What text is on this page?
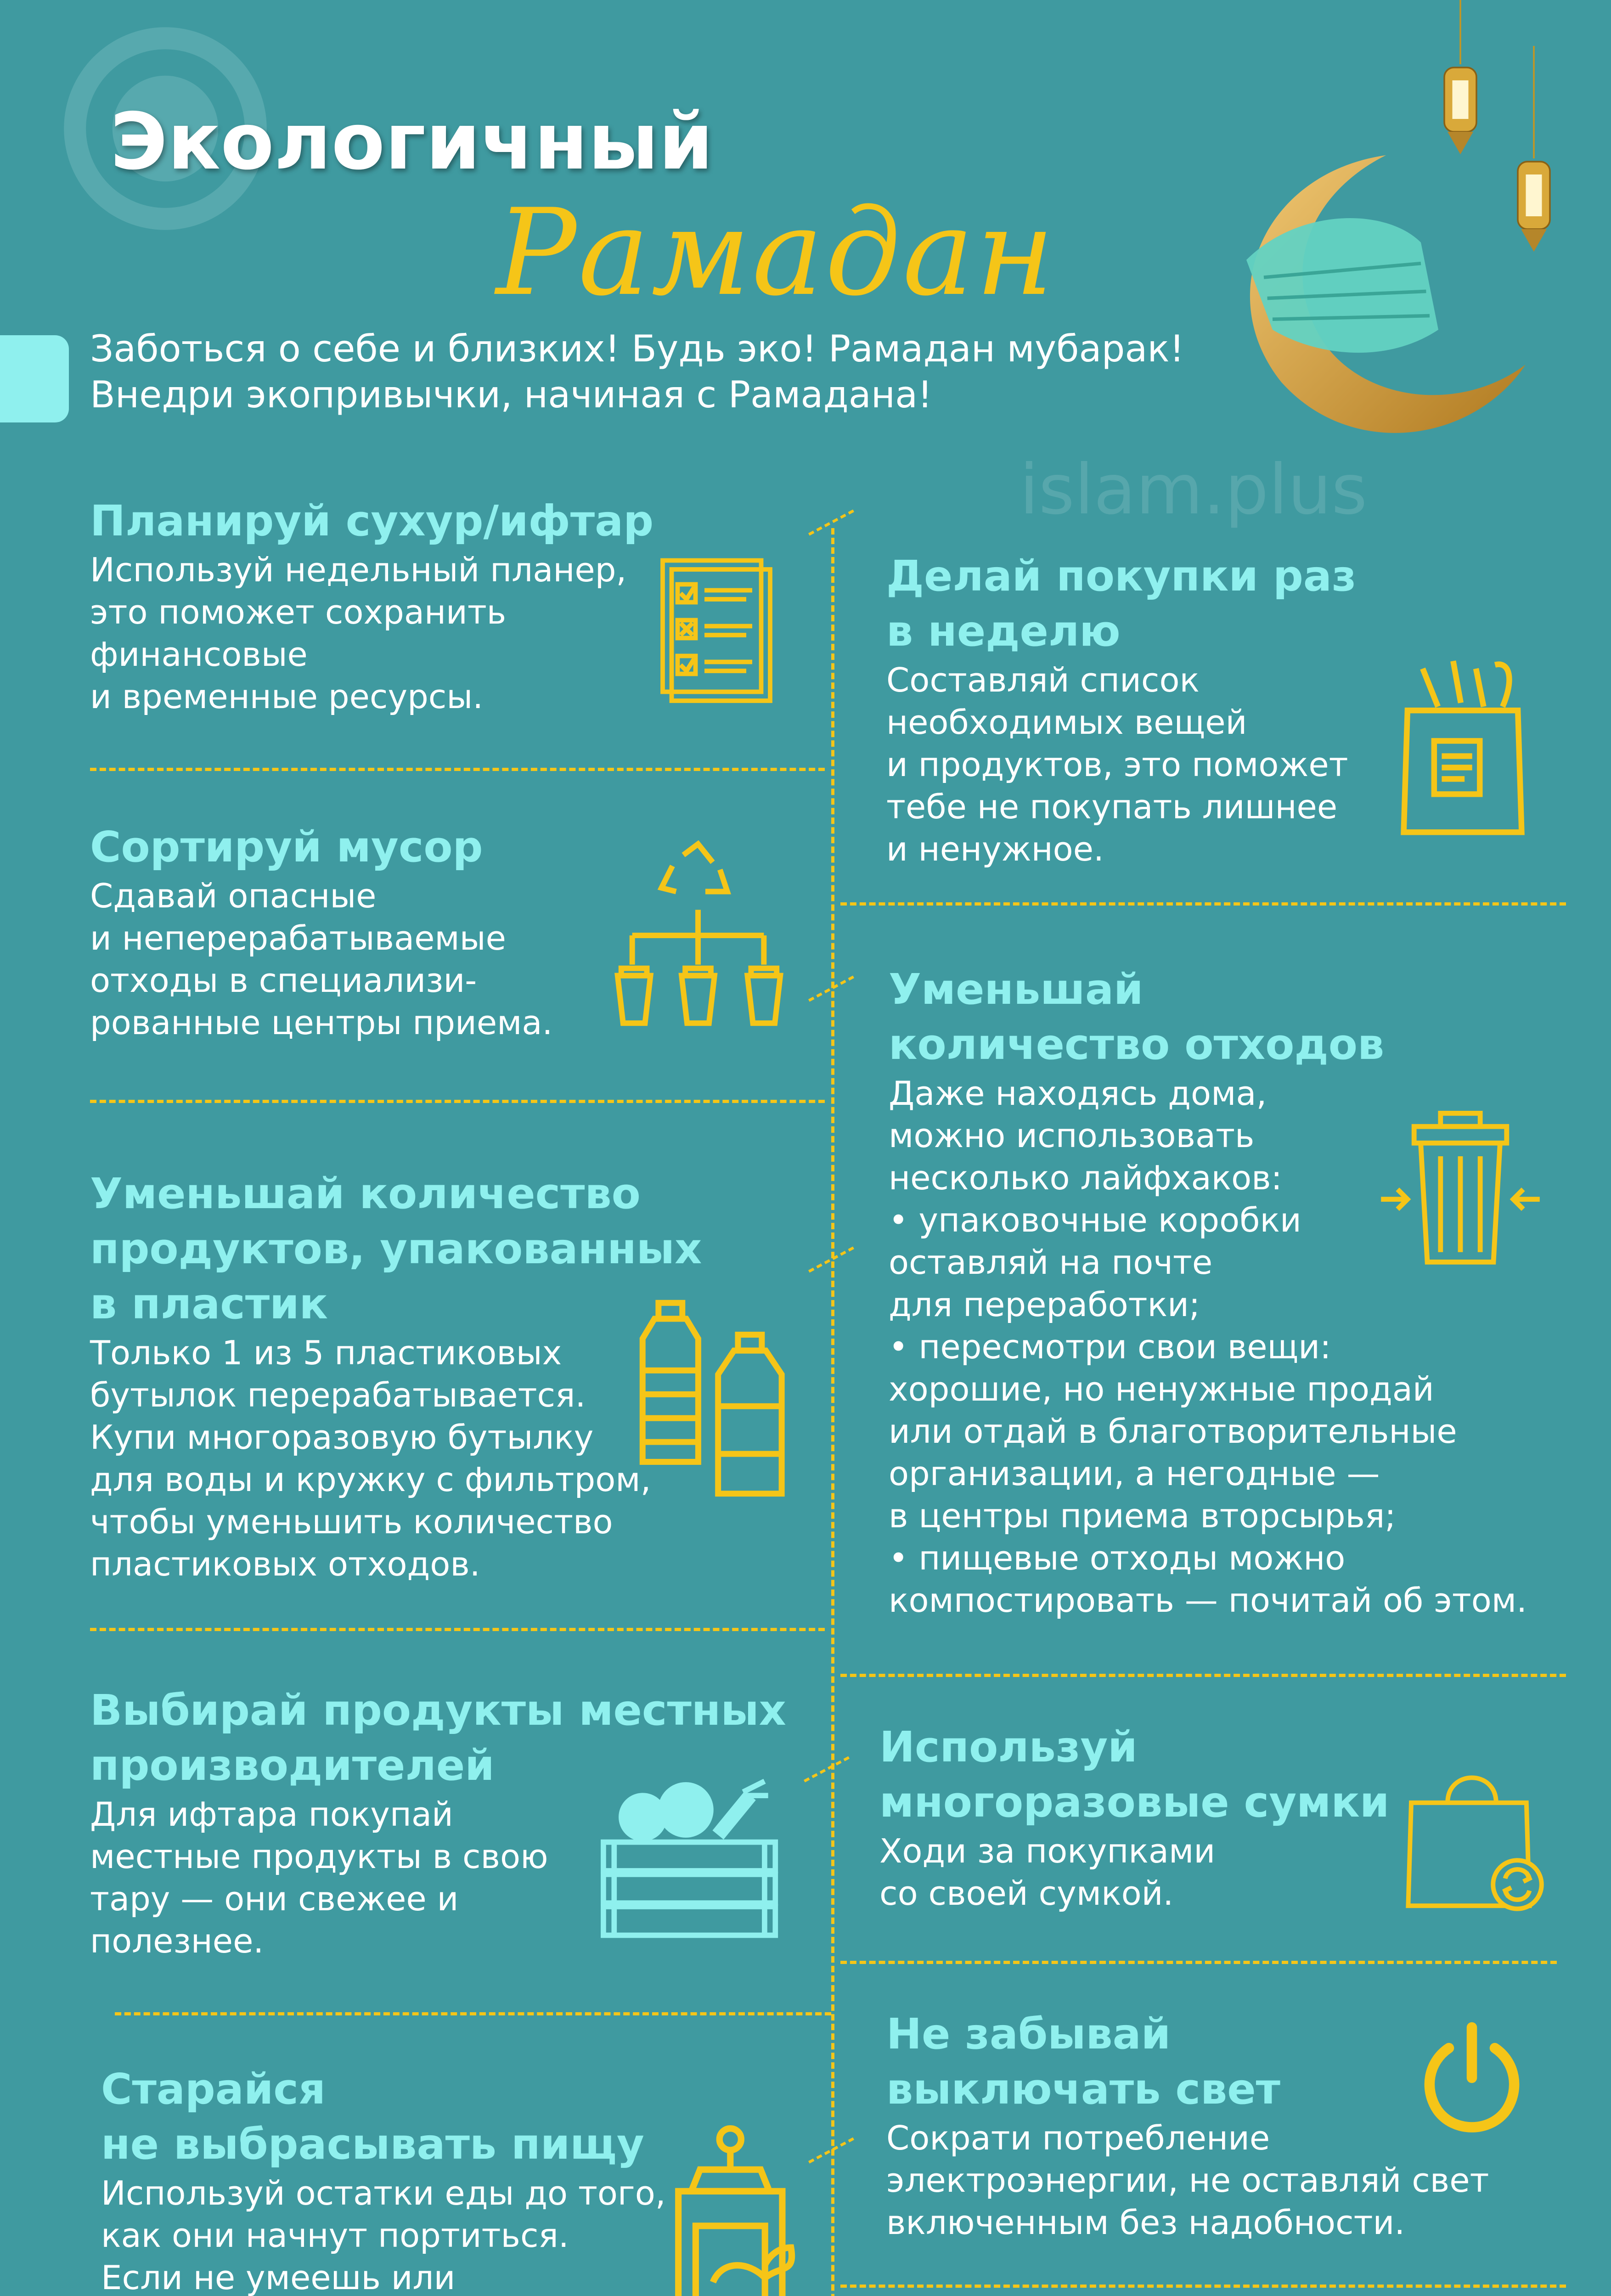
Экологичный
Рамадан
Заботься о себе и близких! Будь эко! Рамадан мубарак!
Внедри экопривычки, начиная с Рамадана!
islam.plus
Планируй сухур/ифтар
Используй недельный планер,
это поможет сохранить
финансовые
и временные ресурсы.
Сортируй мусор
Сдавай опасные
и неперерабатываемые
отходы в специализи-
рованные центры приема.
Уменьшай количество
продуктов, упакованных
в пластик
Только 1 из 5 пластиковых
бутылок перерабатывается.
Купи многоразовую бутылку
для воды и кружку с фильтром,
чтобы уменьшить количество
пластиковых отходов.
Выбирай продукты местных
производителей
Для ифтара покупай
местные продукты в свою
тару — они свежее и
полезнее.
Старайся
не выбрасывать пищу
Используй остатки еды до того,
как они начнут портиться.
Если не умеешь или

Делай покупки раз
в неделю
Составляй список
необходимых вещей
и продуктов, это поможет
тебе не покупать лишнее
и ненужное.
Уменьшай
количество отходов
Даже находясь дома,
можно использовать
несколько лайфхаков:
• упаковочные коробки
оставляй на почте
для переработки;
• пересмотри свои вещи:
хорошие, но ненужные продай
или отдай в благотворительные
организации, а негодные —
в центры приема вторсырья;
• пищевые отходы можно
компостировать — почитай об этом.
Используй
многоразовые сумки
Ходи за покупками
со своей сумкой.
Не забывай
выключать свет
Сократи потребление
электроэнергии, не оставляй свет
включенным без надобности.
